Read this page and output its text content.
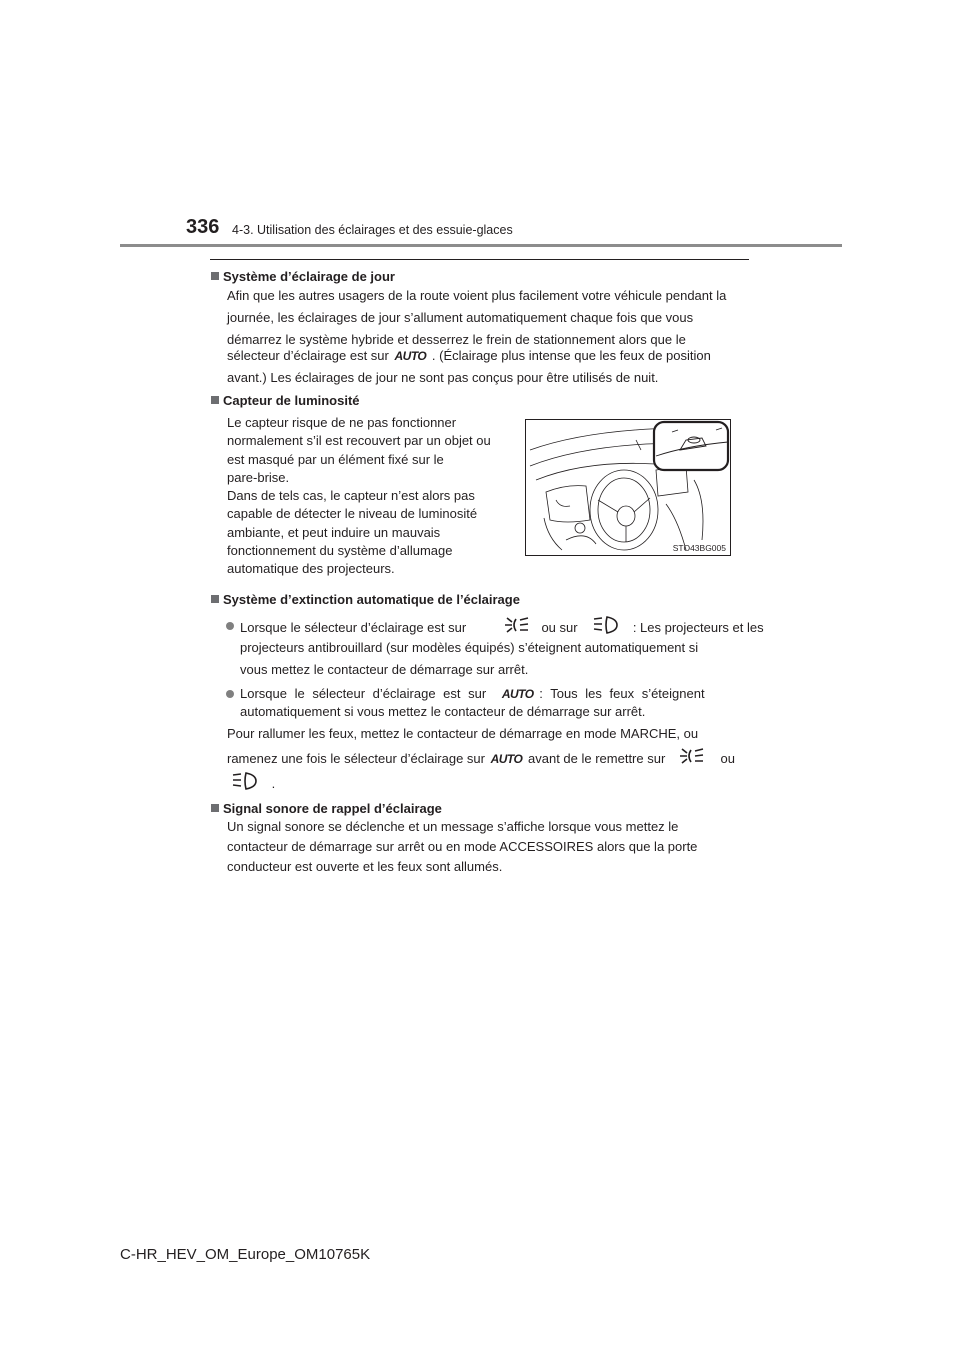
336 4-3. Utilisation des éclairages et des essuie-glaces
Système d’éclairage de jour
Afin que les autres usagers de la route voient plus facilement votre véhicule pendant la
journée, les éclairages de jour s’allument automatiquement chaque fois que vous
démarrez le système hybride et desserrez le frein de stationnement alors que le
sélecteur d’éclairage est sur AUTO . (Éclairage plus intense que les feux de position
avant.) Les éclairages de jour ne sont pas conçus pour être utilisés de nuit.
Capteur de luminosité
Le capteur risque de ne pas fonctionner
normalement s’il est recouvert par un objet ou
est masqué par un élément fixé sur le
pare-brise.
Dans de tels cas, le capteur n’est alors pas
capable de détecter le niveau de luminosité
ambiante, et peut induire un mauvais
fonctionnement du système d’allumage
automatique des projecteurs.
STO43BG005
Système d’extinction automatique de l’éclairage
Lorsque le sélecteur d’éclairage est sur	ou sur	: Les projecteurs et les
projecteurs antibrouillard (sur modèles équipés) s’éteignent automatiquement si
vous mettez le contacteur de démarrage sur arrêt.
Lorsque le sélecteur d’éclairage est sur AUTO : Tous les feux s’éteignent
automatiquement si vous mettez le contacteur de démarrage sur arrêt.
Pour rallumer les feux, mettez le contacteur de démarrage en mode MARCHE, ou
ramenez une fois le sélecteur d’éclairage sur AUTO avant de le remettre sur	ou
.
Signal sonore de rappel d’éclairage
Un signal sonore se déclenche et un message s’affiche lorsque vous mettez le
contacteur de démarrage sur arrêt ou en mode ACCESSOIRES alors que la porte
conducteur est ouverte et les feux sont allumés.
C-HR_HEV_OM_Europe_OM10765K
